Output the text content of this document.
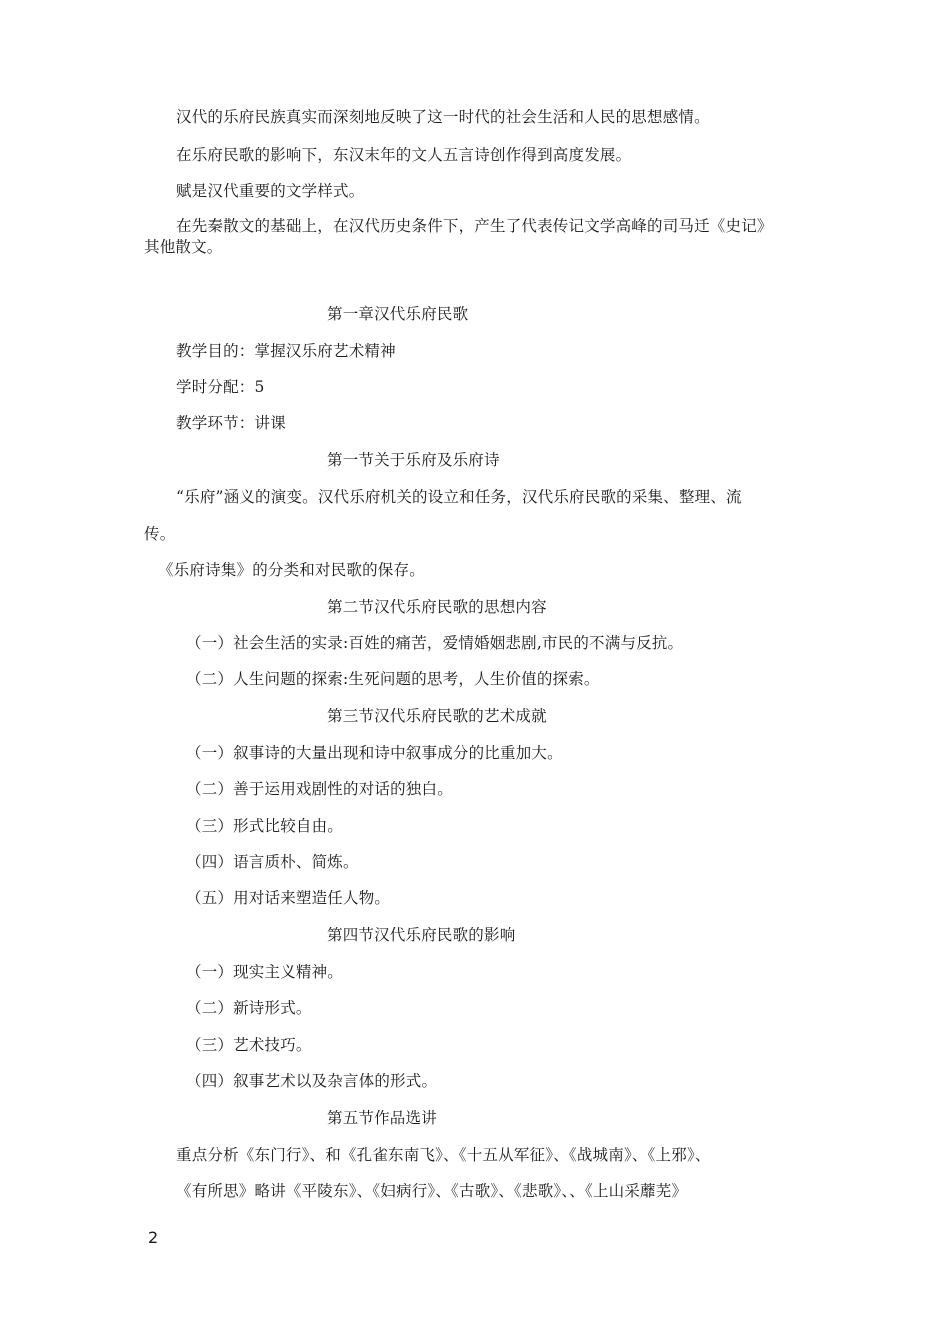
汉代的乐府民族真实而深刻地反映了这一时代的社会生活和人民的思想感情。
在乐府民歌的影响下，东汉末年的文人五言诗创作得到高度发展。
赋是汉代重要的文学样式。
在先秦散文的基础上，在汉代历史条件下，产生了代表传记文学高峰的司马迁《史记》
其他散文。
第一章汉代乐府民歌
教学目的：掌握汉乐府艺术精神
学时分配：5
教学环节：讲课
第一节关于乐府及乐府诗
“乐府”涵义的演变。汉代乐府机关的设立和任务，汉代乐府民歌的采集、整理、流
传。
《乐府诗集》的分类和对民歌的保存。
第二节汉代乐府民歌的思想内容
（一）社会生活的实录:百姓的痛苦，爱情婚姻悲剧,市民的不满与反抗。
（二）人生问题的探索:生死问题的思考，人生价值的探索。
第三节汉代乐府民歌的艺术成就
（一）叙事诗的大量出现和诗中叙事成分的比重加大。
（二）善于运用戏剧性的对话的独白。
（三）形式比较自由。
（四）语言质朴、简炼。
（五）用对话来塑造任人物。
第四节汉代乐府民歌的影响
（一）现实主义精神。
（二）新诗形式。
（三）艺术技巧。
（四）叙事艺术以及杂言体的形式。
第五节作品选讲
重点分析《东门行》、和《孔雀东南飞》、《十五从军征》、《战城南》、《上邪》、
《有所思》略讲《平陵东》、《妇病行》、《古歌》、《悲歌》、、《上山采蘼芜》
2
